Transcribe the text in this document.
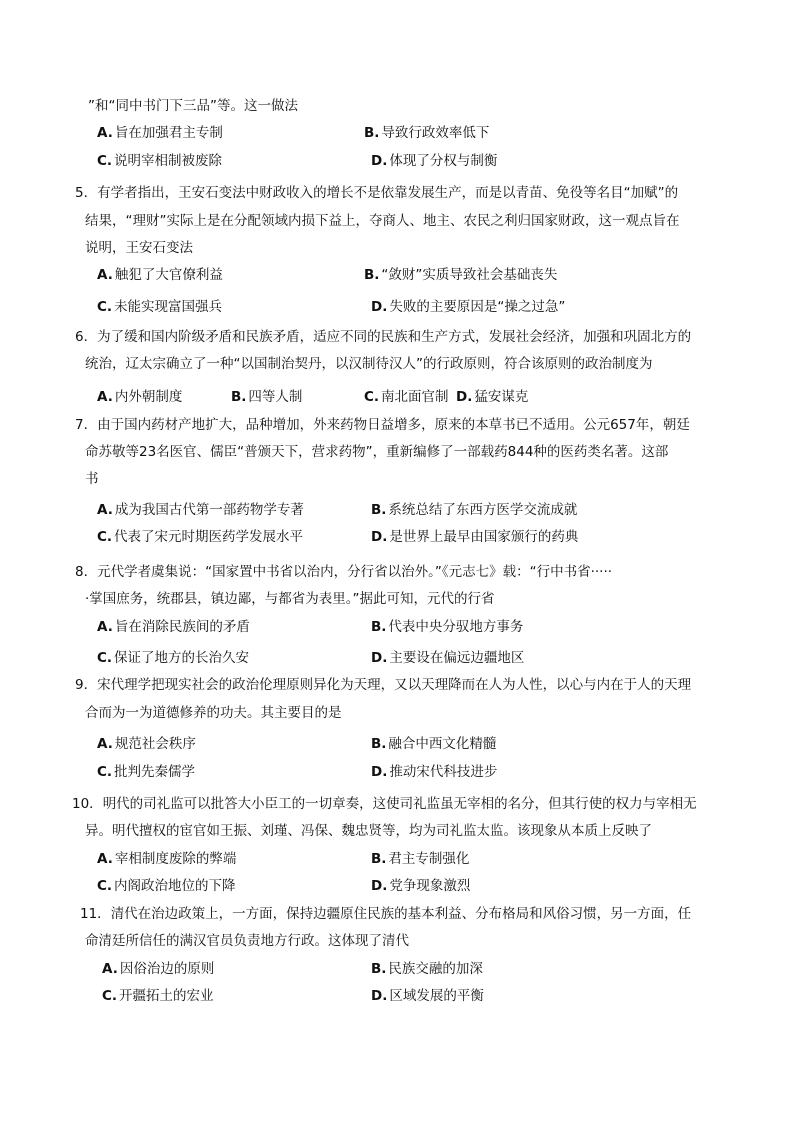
”和“同中书门下三品”等。这一做法
A. 旨在加强君主专制	B. 导致行政效率低下
C. 说明宰相制被废除	D. 体现了分权与制衡
5．有学者指出，王安石变法中财政收入的增长不是依靠发展生产，而是以青苗、免役等名目“加赋”的
结果，“理财”实际上是在分配领域内损下益上，夺商人、地主、农民之利归国家财政，这一观点旨在
说明，王安石变法
A. 触犯了大官僚利益	B. “敛财”实质导致社会基础丧失
C. 未能实现富国强兵	D. 失败的主要原因是“操之过急”
6．为了缓和国内阶级矛盾和民族矛盾，适应不同的民族和生产方式，发展社会经济，加强和巩固北方的
统治，辽太宗确立了一种“以国制治契丹，以汉制待汉人”的行政原则，符合该原则的政治制度为
A. 内外朝制度	B. 四等人制	C. 南北面官制 D. 猛安谋克
7．由于国内药材产地扩大，品种增加，外来药物日益增多，原来的本草书已不适用。公元657年，朝廷
命苏敬等23名医官、儒臣“普颁天下，营求药物”，重新编修了一部载药844种的医药类名著。这部
书
A. 成为我国古代第一部药物学专著	B. 系统总结了东西方医学交流成就
C. 代表了宋元时期医药学发展水平	D. 是世界上最早由国家颁行的药典
8．元代学者虞集说：“国家置中书省以治内，分行省以治外。”《元志七》载：“行中书省·····
·掌国庶务，统郡县，镇边鄙，与都省为表里。”据此可知，元代的行省
A. 旨在消除民族间的矛盾	B. 代表中央分驭地方事务
C. 保证了地方的长治久安	D. 主要设在偏远边疆地区
9．宋代理学把现实社会的政治伦理原则异化为天理，又以天理降而在人为人性，以心与内在于人的天理
合而为一为道德修养的功夫。其主要目的是
A. 规范社会秩序	B. 融合中西文化精髓
C. 批判先秦儒学	D. 推动宋代科技进步
10．明代的司礼监可以批答大小臣工的一切章奏，这使司礼监虽无宰相的名分，但其行使的权力与宰相无
异。明代擅权的宦官如王振、刘瑾、冯保、魏忠贤等，均为司礼监太监。该现象从本质上反映了
A. 宰相制度废除的弊端	B. 君主专制强化
C. 内阁政治地位的下降	D. 党争现象激烈
11．清代在治边政策上，一方面，保持边疆原住民族的基本利益、分布格局和风俗习惯，另一方面，任
命清廷所信任的满汉官员负责地方行政。这体现了清代
A. 因俗治边的原则	B. 民族交融的加深
C. 开疆拓土的宏业	D. 区域发展的平衡
